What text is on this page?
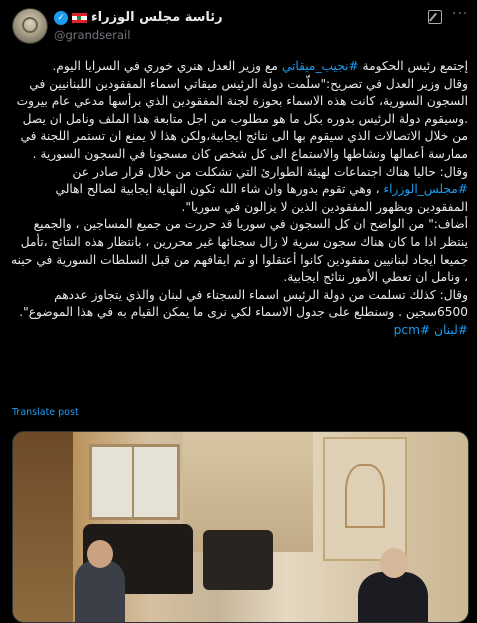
رئاسة مجلس الوزراء
✓
@grandserail
···

إجتمع رئيس الحكومة #نجيب_ميقاتي مع وزير العدل هنري خوري في السرايا اليوم.

وقال وزير العدل في تصريح:"سلّمت دولة الرئيس ميقاتي اسماء المفقودين اللبنانيين في السجون السورية، كانت هذه الاسماء بحوزة لجنة المفقودين الذي برأسها مدعي عام بيروت .وسيقوم دولة الرئيس بدوره بكل ما هو مطلوب من اجل متابعة هذا الملف ونامل ان يصل من خلال الاتصالات الذي سيقوم بها الى نتائج ايجابية،ولكن هذا لا يمنع ان تستمر اللجنة في ممارسة أعمالها ونشاطها والاستماع الى كل شخص كان مسجونا في السجون السورية .

وقال: حاليا هناك اجتماعات لهيئة الطوارئ التي تشكلت من خلال قرار صادر عن #مجلس_الوزراء ، وهي تقوم بدورها وان شاء الله تكون النهاية ايجابية لصالح اهالي المفقودين وبظهور المفقودين الذين لا يزالون في سوريا".

أضاف:" من الواضح ان كل السجون في سوريا قد حررت من جميع المساجين ، والجميع ينتظر اذا ما كان هناك سجون سرية لا زال سجنائها غير محررين ، بانتظار هذه النتائج ،تأمل جميعا ايجاد لبنانيين مفقودين كانوا أعتقلوا او تم ايقافهم من قبل السلطات السورية في حينه ، ونامل ان تعطي الأمور نتائج ايجابية.

وقال: كذلك تسلمت من دولة الرئيس اسماء السجناء في لبنان والذي يتجاوز عددهم 6500سجين . وسنطلع على جدول الاسماء لكي نرى ما يمكن القيام به في هذا الموضوع".

#لبنان #pcm

Translate post
